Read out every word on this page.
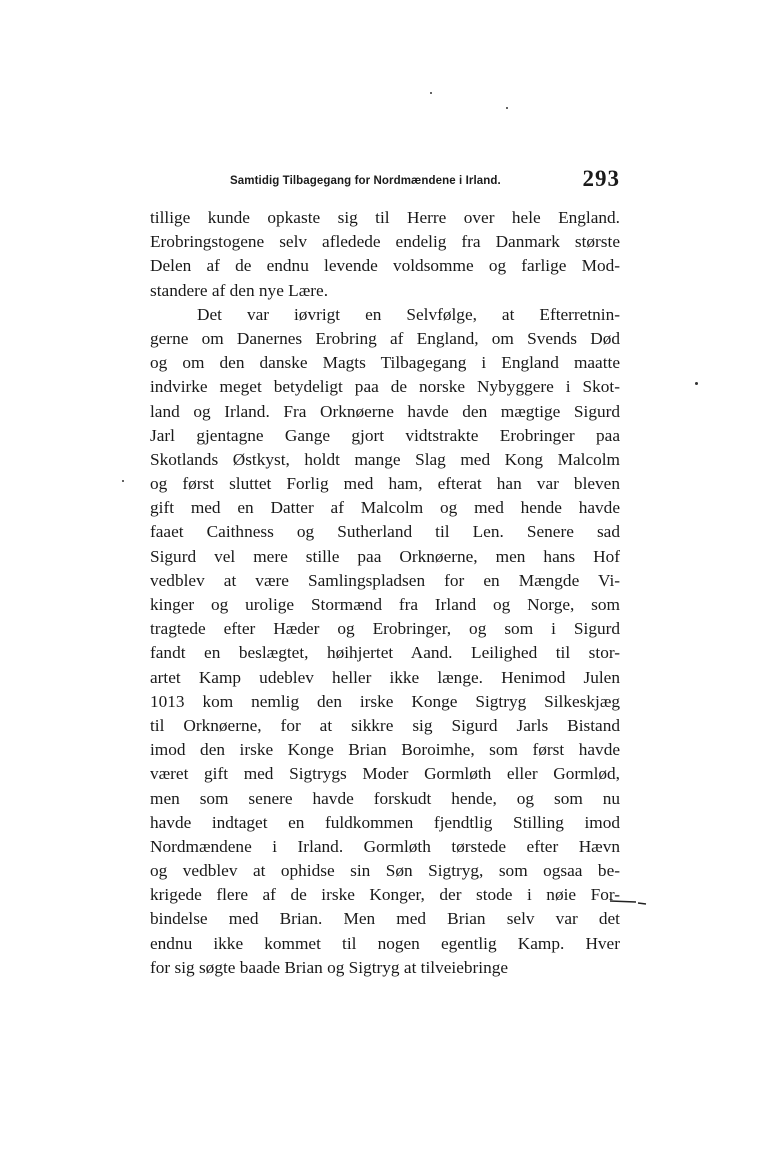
Samtidig Tilbagegang for Nordmændene i Irland.	293
tillige kunde opkaste sig til Herre over hele England.
Erobringstogene selv afledede endelig fra Danmark største
Delen af de endnu levende voldsomme og farlige Mod-
standere af den nye Lære.
Det var iøvrigt en Selvfølge, at Efterretnin-
gerne om Danernes Erobring af England, om Svends Død
og om den danske Magts Tilbagegang i England maatte
indvirke meget betydeligt paa de norske Nybyggere i Skot-
land og Irland. Fra Orknøerne havde den mægtige Sigurd
Jarl gjentagne Gange gjort vidtstrakte Erobringer paa
Skotlands Østkyst, holdt mange Slag med Kong Malcolm
og først sluttet Forlig med ham, efterat han var bleven
gift med en Datter af Malcolm og med hende havde
faaet Caithness og Sutherland til Len. Senere sad
Sigurd vel mere stille paa Orknøerne, men hans Hof
vedblev at være Samlingspladsen for en Mængde Vi-
kinger og urolige Stormænd fra Irland og Norge, som
tragtede efter Hæder og Erobringer, og som i Sigurd
fandt en beslægtet, høihjertet Aand. Leilighed til stor-
artet Kamp udeblev heller ikke længe. Henimod Julen
1013 kom nemlig den irske Konge Sigtryg Silkeskjæg
til Orknøerne, for at sikkre sig Sigurd Jarls Bistand
imod den irske Konge Brian Boroimhe, som først havde
været gift med Sigtrygs Moder Gormløth eller Gormlød,
men som senere havde forskudt hende, og som nu
havde indtaget en fuldkommen fjendtlig Stilling imod
Nordmændene i Irland. Gormløth tørstede efter Hævn
og vedblev at ophidse sin Søn Sigtryg, som ogsaa be-
krigede flere af de irske Konger, der stode i nøie For-
bindelse med Brian. Men med Brian selv var det
endnu ikke kommet til nogen egentlig Kamp. Hver
for sig søgte baade Brian og Sigtryg at tilveiebringe
